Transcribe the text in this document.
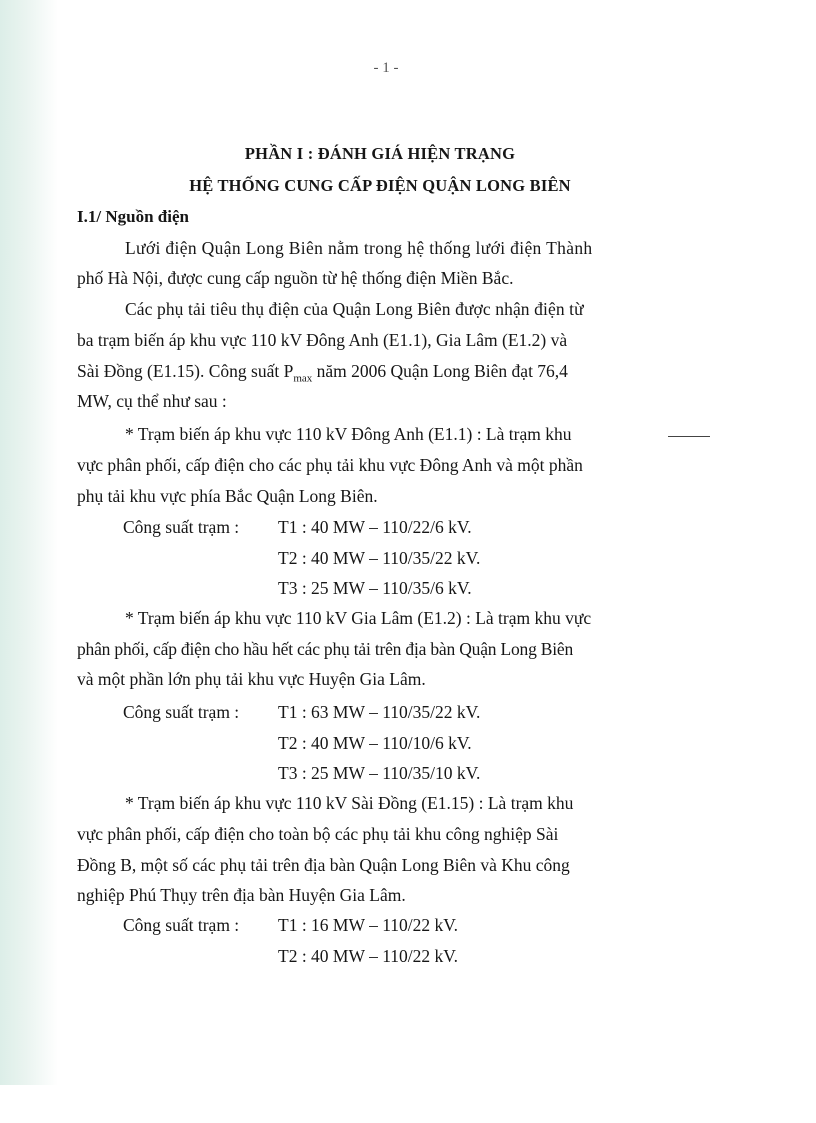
- 1 -
PHẦN I : ĐÁNH GIÁ HIỆN TRẠNG
HỆ THỐNG CUNG CẤP ĐIỆN QUẬN LONG BIÊN
I.1/ Nguồn điện
Lưới điện Quận Long Biên nằm trong hệ thống lưới điện Thành
phố Hà Nội, được cung cấp nguồn từ hệ thống điện Miền Bắc.
Các phụ tải tiêu thụ điện của Quận Long Biên được nhận điện từ
ba trạm biến áp khu vực 110 kV Đông Anh (E1.1), Gia Lâm (E1.2) và
Sài Đồng (E1.15). Công suất $P_{max}$ năm 2006 Quận Long Biên đạt 76,4
MW, cụ thể như sau :
* Trạm biến áp khu vực 110 kV Đông Anh (E1.1) : Là trạm khu
vực phân phối, cấp điện cho các phụ tải khu vực Đông Anh và một phần
phụ tải khu vực phía Bắc Quận Long Biên.
Công suất trạm : T1 : 40 MW – 110/22/6 kV.
T2 : 40 MW – 110/35/22 kV.
T3 : 25 MW – 110/35/6 kV.
* Trạm biến áp khu vực 110 kV Gia Lâm (E1.2) : Là trạm khu vực
phân phối, cấp điện cho hầu hết các phụ tải trên địa bàn Quận Long Biên
và một phần lớn phụ tải khu vực Huyện Gia Lâm.
Công suất trạm : T1 : 63 MW – 110/35/22 kV.
T2 : 40 MW – 110/10/6 kV.
T3 : 25 MW – 110/35/10 kV.
* Trạm biến áp khu vực 110 kV Sài Đồng (E1.15) : Là trạm khu
vực phân phối, cấp điện cho toàn bộ các phụ tải khu công nghiệp Sài
Đồng B, một số các phụ tải trên địa bàn Quận Long Biên và Khu công
nghiệp Phú Thụy trên địa bàn Huyện Gia Lâm.
Công suất trạm : T1 : 16 MW – 110/22 kV.
T2 : 40 MW – 110/22 kV.
